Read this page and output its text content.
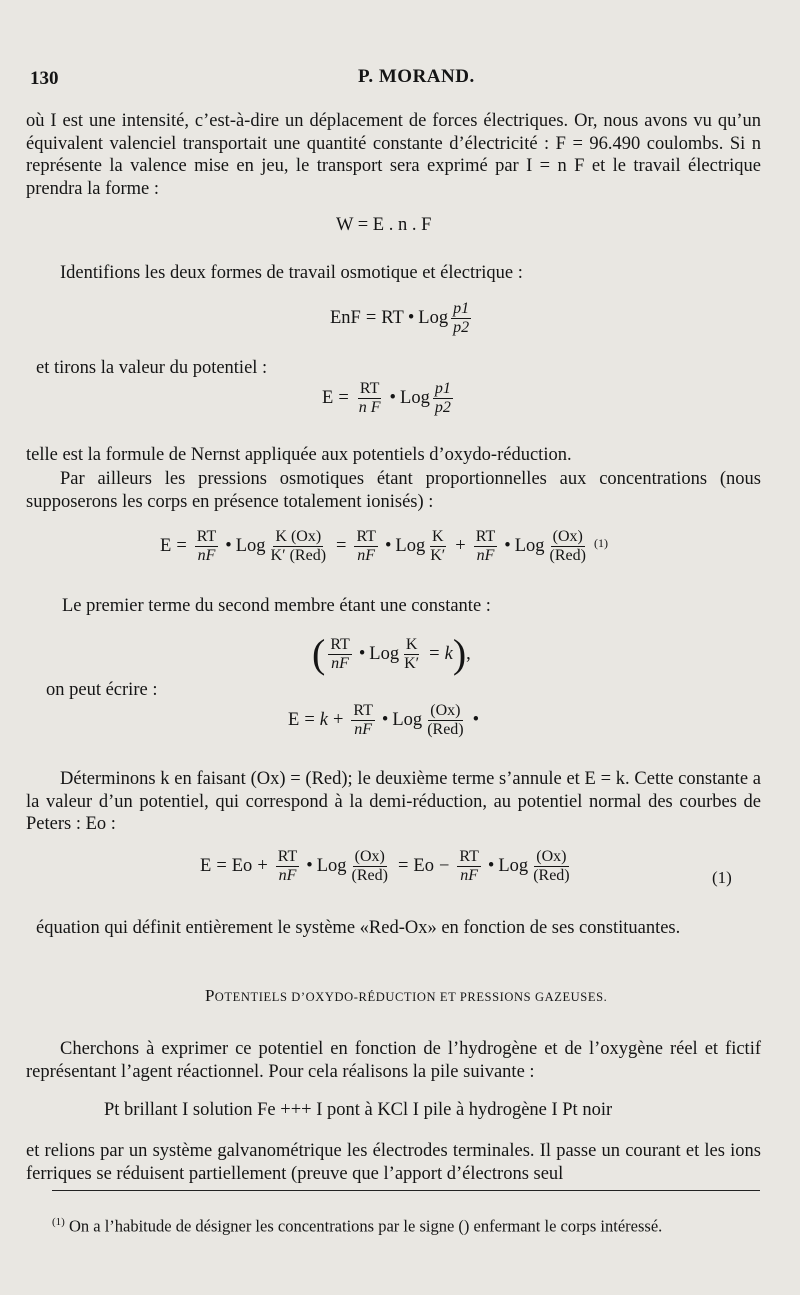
130	P. MORAND.
où I est une intensité, c’est-à-dire un déplacement de forces électriques. Or, nous avons vu qu’un équivalent valenciel transportait une quantité constante d’électricité : F = 96.490 coulombs. Si n représente la valence mise en jeu, le transport sera exprimé par I = n F et le travail électrique prendra la forme :
W = E . n . F
Identifions les deux formes de travail osmotique et électrique :
EnF = RT • Log $\frac{p1}{p2}$
et tirons la valeur du potentiel :
$E = \frac{RT}{\text{n F}}$ • Log $\frac{p1}{p2}$
telle est la formule de Nernst appliquée aux potentiels d’oxydo-réduction.
Par ailleurs les pressions osmotiques étant proportionnelles aux concentrations (nous supposerons les corps en présence totalement ionisés) :
$E = \frac{RT}{nF}$ • Log $\frac{K (Ox)}{\text{K′ (Red)}} = \frac{RT}{nF}$ • Log $\frac{K}{K'} + \frac{RT}{nF}$ • Log $\frac{(Ox)}{\text{(Red)}} (1)$
Le premier terme du second membre étant une constante :
( $\frac{RT}{nF}$ • Log $\frac{K}{K'} = k$ ) ,
on peut écrire :
$E = k + \frac{RT}{nF}$ • Log $\frac{(Ox)}{\text{(Red)}}$ •
Déterminons k en faisant (Ox) = (Red); le deuxième terme s’annule et E = k. Cette constante a la valeur d’un potentiel, qui correspond à la demi-réduction, au potentiel normal des courbes de Peters : Eo :
$E = Eo + \frac{RT}{nF}$ • Log $\frac{(Ox)}{\text{(Red)}} = Eo - \frac{RT}{nF}$ • Log $\frac{(Ox)}{\text{(Red)}}$	(1)
équation qui définit entièrement le système «Red-Ox» en fonction de ses constituantes.
POTENTIELS D’OXYDO-RÉDUCTION ET PRESSIONS GAZEUSES.
Cherchons à exprimer ce potentiel en fonction de l’hydrogène et de l’oxygène réel et fictif représentant l’agent réactionnel. Pour cela réalisons la pile suivante :
Pt brillant I solution Fe +++ I pont à KCl I pile à hydrogène I Pt noir
et relions par un système galvanométrique les électrodes terminales. Il passe un courant et les ions ferriques se réduisent partiellement (preuve que l’apport d’électrons seul
$^{(1)}$ On a l’habitude de désigner les concentrations par le signe () enfermant le corps intéressé.
